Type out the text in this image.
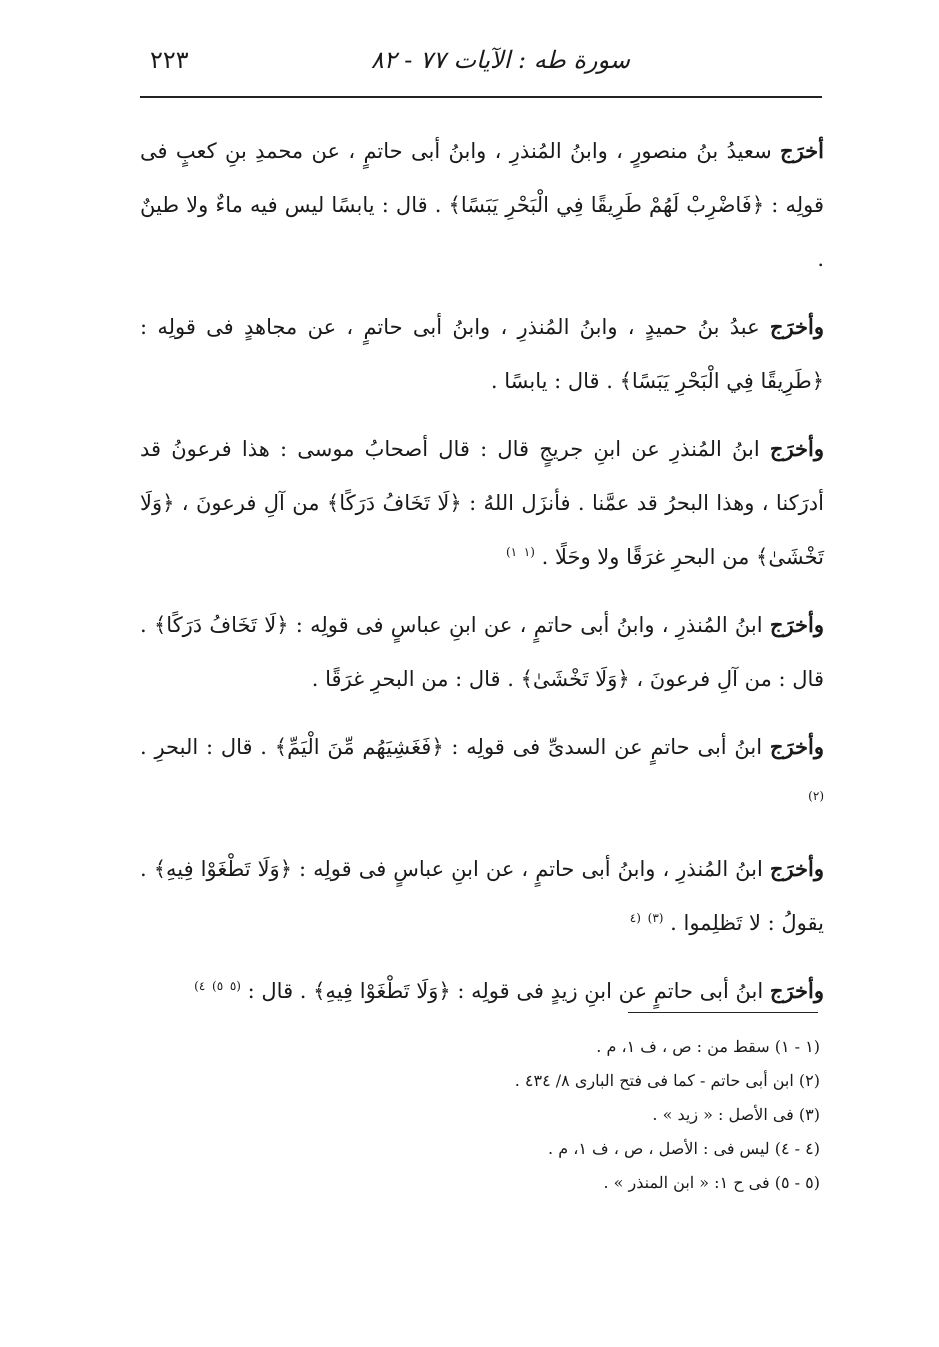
سورة طه : الآيات ٧٧ - ٨٢
٢٢٣

أخرَج سعيدُ بنُ منصورٍ ، وابنُ المُنذرِ ، وابنُ أبى حاتمٍ ، عن محمدِ بنِ كعبٍ فى قولِه : ﴿فَاضْرِبْ لَهُمْ طَرِيقًا فِي الْبَحْرِ يَبَسًا﴾ . قال : يابسًا ليس فيه ماءٌ ولا طينٌ .

وأخرَج عبدُ بنُ حميدٍ ، وابنُ المُنذرِ ، وابنُ أبى حاتمٍ ، عن مجاهدٍ فى قولِه : ﴿طَرِيقًا فِي الْبَحْرِ يَبَسًا﴾ . قال : يابسًا .

وأخرَج ابنُ المُنذرِ عن ابنِ جريجٍ قال : قال أصحابُ موسى : هذا فرعونُ قد أدرَكنا ، وهذا البحرُ قد عمَّنا . فأنزَل اللهُ : ﴿لَا تَخَافُ دَرَكًا﴾ من آلِ فرعونَ ، ﴿وَلَا تَخْشَىٰ﴾ من البحرِ غرَقًا ولا وحَلًا . $^{(١}$ $^{١)}$

وأخرَج ابنُ المُنذرِ ، وابنُ أبى حاتمٍ ، عن ابنِ عباسٍ فى قولِه : ﴿لَا تَخَافُ دَرَكًا﴾ . قال : من آلِ فرعونَ ، ﴿وَلَا تَخْشَىٰ﴾ . قال : من البحرِ غرَقًا .

وأخرَج ابنُ أبى حاتمٍ عن السدىِّ فى قولِه : ﴿فَغَشِيَهُم مِّنَ الْيَمِّ﴾ . قال : البحرِ . $^{(٢)}$

وأخرَج ابنُ المُنذرِ ، وابنُ أبى حاتمٍ ، عن ابنِ عباسٍ فى قولِه : ﴿وَلَا تَطْغَوْا فِيهِ﴾ . يقولُ : لا تَظلِموا . $^{(٣)}$ $^{(٤}$

وأخرَج ابنُ أبى حاتمٍ عن ابنِ زيدٍ فى قولِه : ﴿وَلَا تَطْغَوْا فِيهِ﴾ . قال : $^{(٥}$ $^{٥)}$ $^{٤)}$

(١ - ١) سقط من : ص ، ف ١، م .

(٢) ابن أبى حاتم - كما فى فتح البارى ٨/ ٤٣٤ .

(٣) فى الأصل : « زيد » .

(٤ - ٤) ليس فى : الأصل ، ص ، ف ١، م .

(٥ - ٥) فى ح ١: « ابن المنذر » .
